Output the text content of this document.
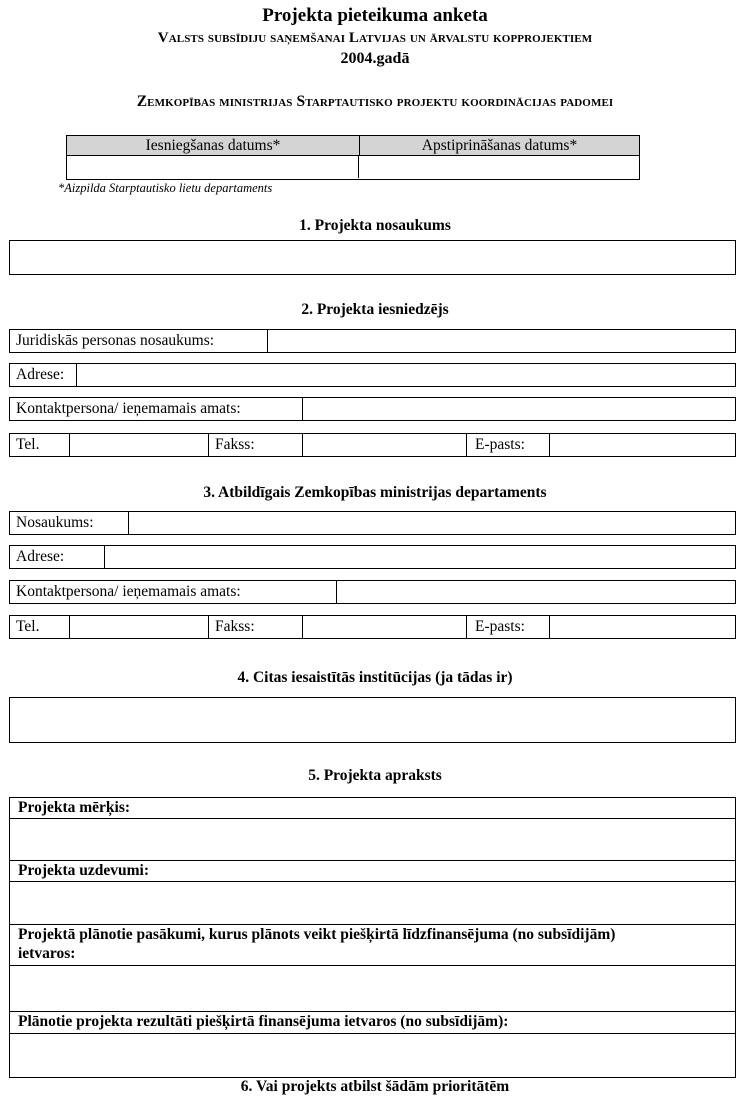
Projekta pieteikuma anketa
Valsts subsīdiju saņemšanai Latvijas un ārvalstu kopprojektiem
2004.gadā
Zemkopības ministrijas Starptautisko projektu koordinācijas padomei
Iesniegšanas datums*	Apstiprināšanas datums*
*Aizpilda Starptautisko lietu departaments
1. Projekta nosaukums
2. Projekta iesniedzējs
Juridiskās personas nosaukums:
Adrese:
Kontaktpersona/ ieņemamais amats:
Tel.	Fakss:	E-pasts:
3. Atbildīgais Zemkopības ministrijas departaments
Nosaukums:
Adrese:
Kontaktpersona/ ieņemamais amats:
Tel.	Fakss:	E-pasts:
4. Citas iesaistītās institūcijas (ja tādas ir)
5. Projekta apraksts
Projekta mērķis:
Projekta uzdevumi:
Projektā plānotie pasākumi, kurus plānots veikt piešķirtā līdzfinansējuma (no subsīdijām)
ietvaros:
Plānotie projekta rezultāti piešķirtā finansējuma ietvaros (no subsīdijām):
6. Vai projekts atbilst šādām prioritātēm
